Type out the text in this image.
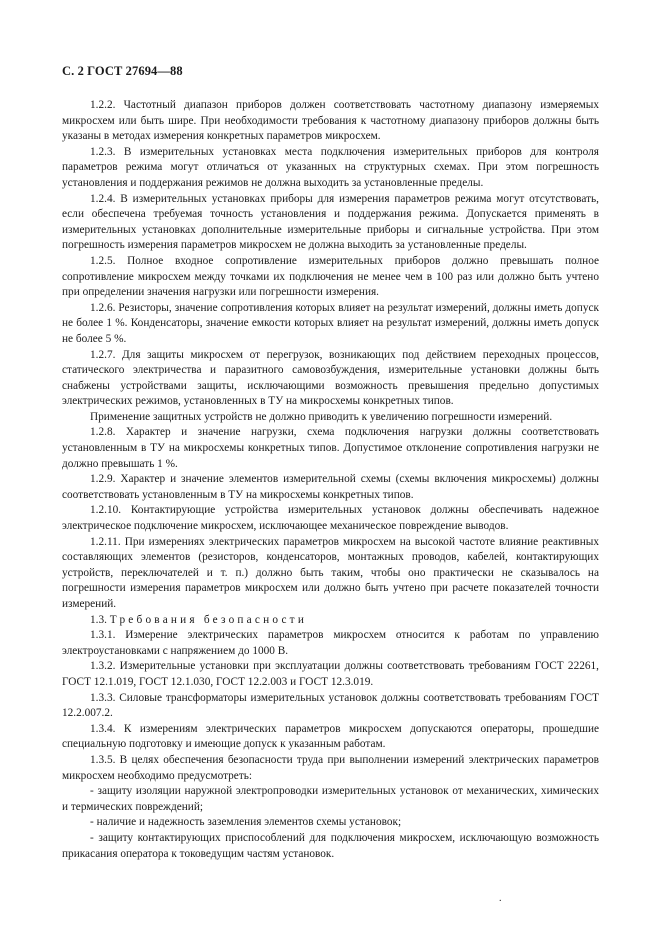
С. 2 ГОСТ 27694—88

1.2.2. Частотный диапазон приборов должен соответствовать частотному диапазону измеряемых микросхем или быть шире. При необходимости требования к частотному диапазону приборов должны быть указаны в методах измерения конкретных параметров микросхем.

1.2.3. В измерительных установках места подключения измерительных приборов для контроля параметров режима могут отличаться от указанных на структурных схемах. При этом погрешность установления и поддержания режимов не должна выходить за установленные пределы.

1.2.4. В измерительных установках приборы для измерения параметров режима могут отсутствовать, если обеспечена требуемая точность установления и поддержания режима. Допускается применять в измерительных установках дополнительные измерительные приборы и сигнальные устройства. При этом погрешность измерения параметров микросхем не должна выходить за установленные пределы.

1.2.5. Полное входное сопротивление измерительных приборов должно превышать полное сопротивление микросхем между точками их подключения не менее чем в 100 раз или должно быть учтено при определении значения нагрузки или погрешности измерения.

1.2.6. Резисторы, значение сопротивления которых влияет на результат измерений, должны иметь допуск не более 1 %. Конденсаторы, значение емкости которых влияет на результат измерений, должны иметь допуск не более 5 %.

1.2.7. Для защиты микросхем от перегрузок, возникающих под действием переходных процессов, статического электричества и паразитного самовозбуждения, измерительные установки должны быть снабжены устройствами защиты, исключающими возможность превышения предельно допустимых электрических режимов, установленных в ТУ на микросхемы конкретных типов.

Применение защитных устройств не должно приводить к увеличению погрешности измерений.

1.2.8. Характер и значение нагрузки, схема подключения нагрузки должны соответствовать установленным в ТУ на микросхемы конкретных типов. Допустимое отклонение сопротивления нагрузки не должно превышать 1 %.

1.2.9. Характер и значение элементов измерительной схемы (схемы включения микросхемы) должны соответствовать установленным в ТУ на микросхемы конкретных типов.

1.2.10. Контактирующие устройства измерительных установок должны обеспечивать надежное электрическое подключение микросхем, исключающее механическое повреждение выводов.

1.2.11. При измерениях электрических параметров микросхем на высокой частоте влияние реактивных составляющих элементов (резисторов, конденсаторов, монтажных проводов, кабелей, контактирующих устройств, переключателей и т. п.) должно быть таким, чтобы оно практически не сказывалось на погрешности измерения параметров микросхем или должно быть учтено при расчете показателей точности измерений.

1.3. Требования безопасности

1.3.1. Измерение электрических параметров микросхем относится к работам по управлению электроустановками с напряжением до 1000 В.

1.3.2. Измерительные установки при эксплуатации должны соответствовать требованиям ГОСТ 22261, ГОСТ 12.1.019, ГОСТ 12.1.030, ГОСТ 12.2.003 и ГОСТ 12.3.019.

1.3.3. Силовые трансформаторы измерительных установок должны соответствовать требованиям ГОСТ 12.2.007.2.

1.3.4. К измерениям электрических параметров микросхем допускаются операторы, прошедшие специальную подготовку и имеющие допуск к указанным работам.

1.3.5. В целях обеспечения безопасности труда при выполнении измерений электрических параметров микросхем необходимо предусмотреть:

- защиту изоляции наружной электропроводки измерительных установок от механических, химических и термических повреждений;

- наличие и надежность заземления элементов схемы установок;

- защиту контактирующих приспособлений для подключения микросхем, исключающую возможность прикасания оператора к токоведущим частям установок.

.
